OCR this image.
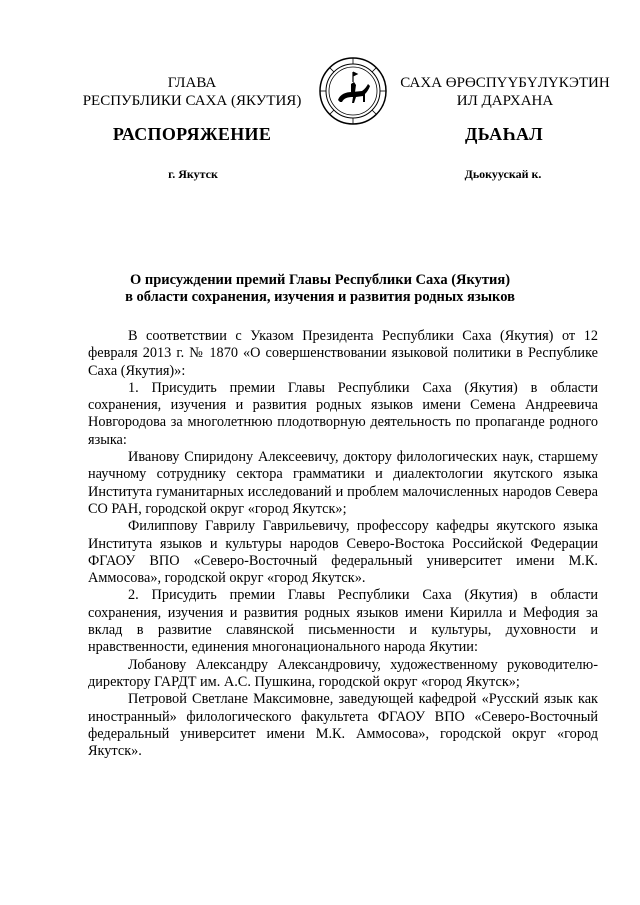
ГЛАВА
РЕСПУБЛИКИ САХА (ЯКУТИЯ)
САХА ӨРӨСПҮҮБҮЛҮКЭТИН
ИЛ ДАРХАНА
РАСПОРЯЖЕНИЕ	ДЬАҺАЛ
г. Якутск	Дьокуускай к.
О присуждении премий Главы Республики Саха (Якутия)
в области сохранения, изучения и развития родных языков

В соответствии с Указом Президента Республики Саха (Якутия) от 12 февраля 2013 г. № 1870 «О совершенствовании языковой политики в Республике Саха (Якутия)»:

1. Присудить премии Главы Республики Саха (Якутия) в области сохранения, изучения и развития родных языков имени Семена Андреевича Новгородова за многолетнюю плодотворную деятельность по пропаганде родного языка:

Иванову Спиридону Алексеевичу, доктору филологических наук, старшему научному сотруднику сектора грамматики и диалектологии якутского языка Института гуманитарных исследований и проблем малочисленных народов Севера СО РАН, городской округ «город Якутск»;

Филиппову Гаврилу Гаврильевичу, профессору кафедры якутского языка Института языков и культуры народов Северо-Востока Российской Федерации ФГАОУ ВПО «Северо-Восточный федеральный университет имени М.К. Аммосова», городской округ «город Якутск».

2. Присудить премии Главы Республики Саха (Якутия) в области сохранения, изучения и развития родных языков имени Кирилла и Мефодия за вклад в развитие славянской письменности и культуры, духовности и нравственности, единения многонационального народа Якутии:

Лобанову Александру Александровичу, художественному руководителю-директору ГАРДТ им. А.С. Пушкина, городской округ «город Якутск»;

Петровой Светлане Максимовне, заведующей кафедрой «Русский язык как иностранный» филологического факультета ФГАОУ ВПО «Северо-Восточный федеральный университет имени М.К. Аммосова», городской округ «город Якутск».
